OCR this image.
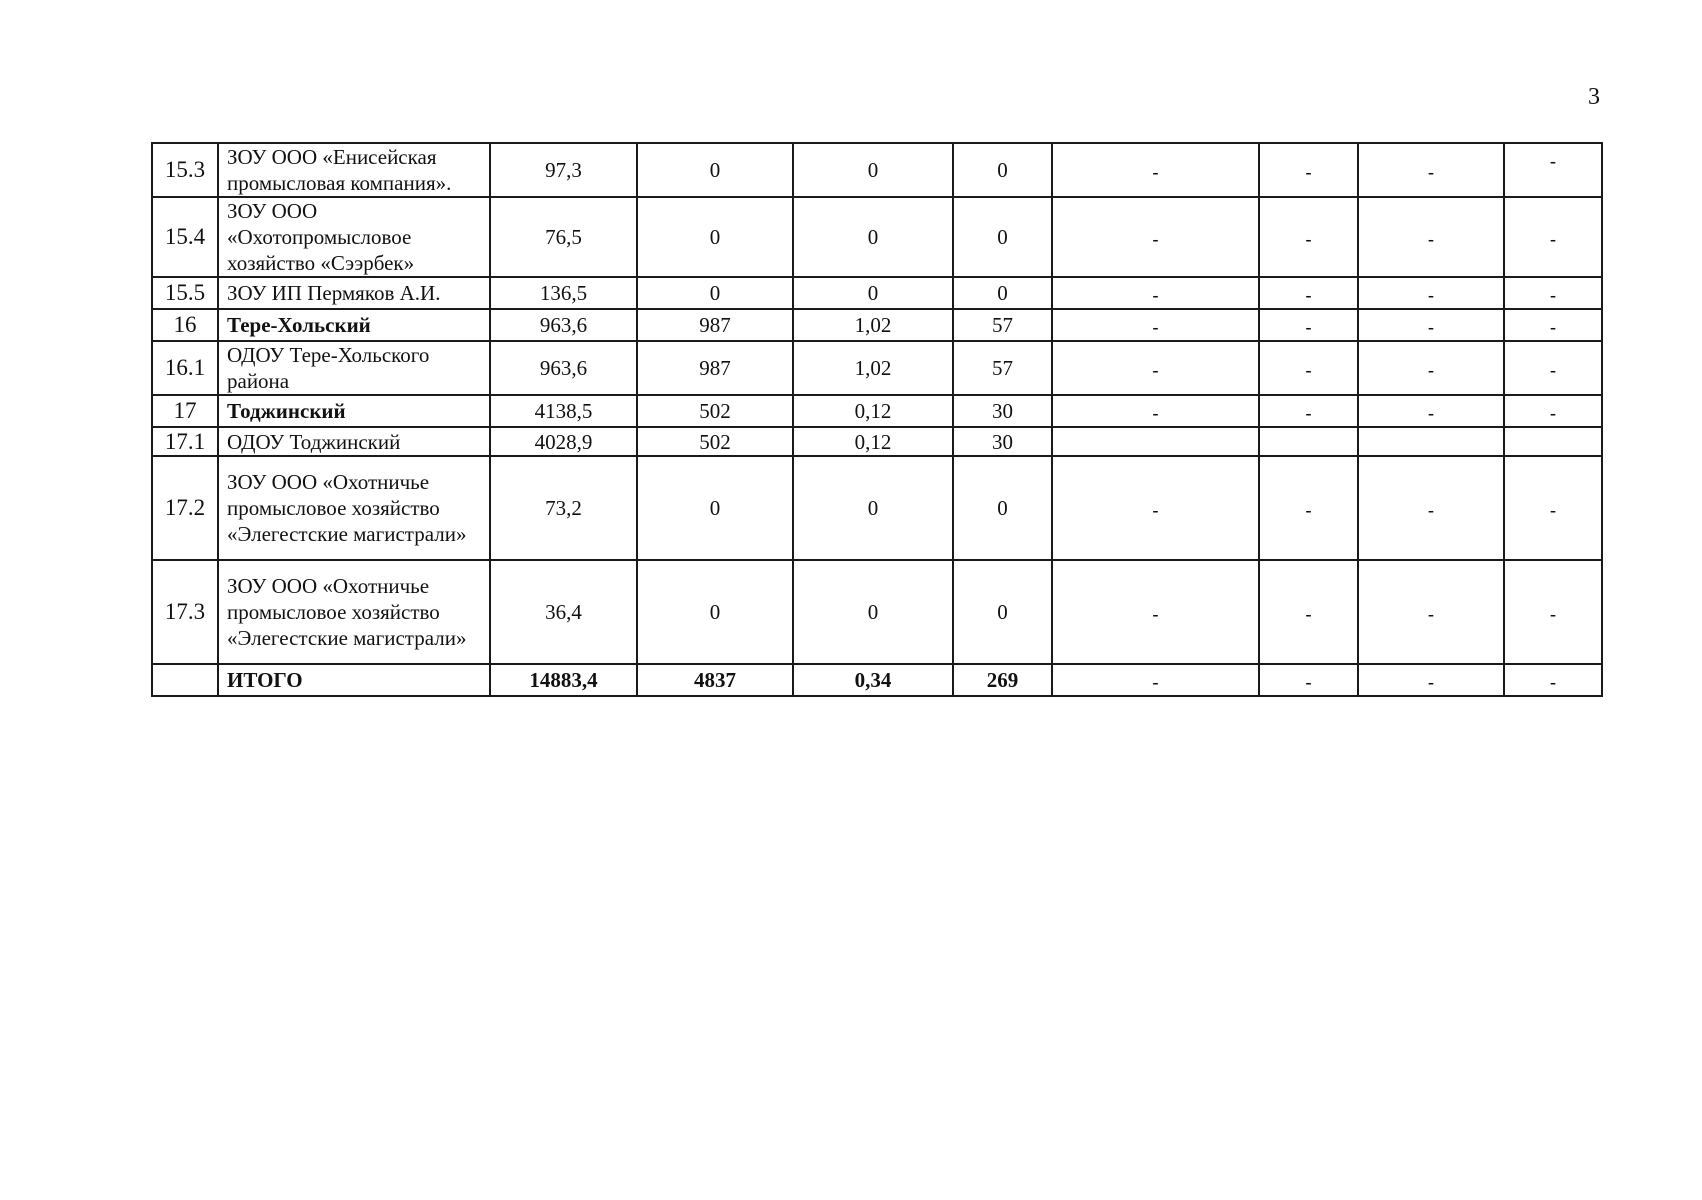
3
15.3	ЗОУ ООО «Енисейская промысловая компания».	97,3	0	0	0	-	-	-	-
15.4	ЗОУ ООО «Охотопромысловое хозяйство «Сээрбек»	76,5	0	0	0	-	-	-	-
15.5	ЗОУ ИП Пермяков А.И.	136,5	0	0	0	-	-	-	-
16	Тере-Хольский	963,6	987	1,02	57	-	-	-	-
16.1	ОДОУ Тере-Хольского района	963,6	987	1,02	57	-	-	-	-
17	Тоджинский	4138,5	502	0,12	30	-	-	-	-
17.1	ОДОУ Тоджинский	4028,9	502	0,12	30				
17.2	ЗОУ ООО «Охотничье промысловое хозяйство «Элегестские магистрали»	73,2	0	0	0	-	-	-	-
17.3	ЗОУ ООО «Охотничье промысловое хозяйство «Элегестские магистрали»	36,4	0	0	0	-	-	-	-
	ИТОГО	14883,4	4837	0,34	269	-	-	-	-
